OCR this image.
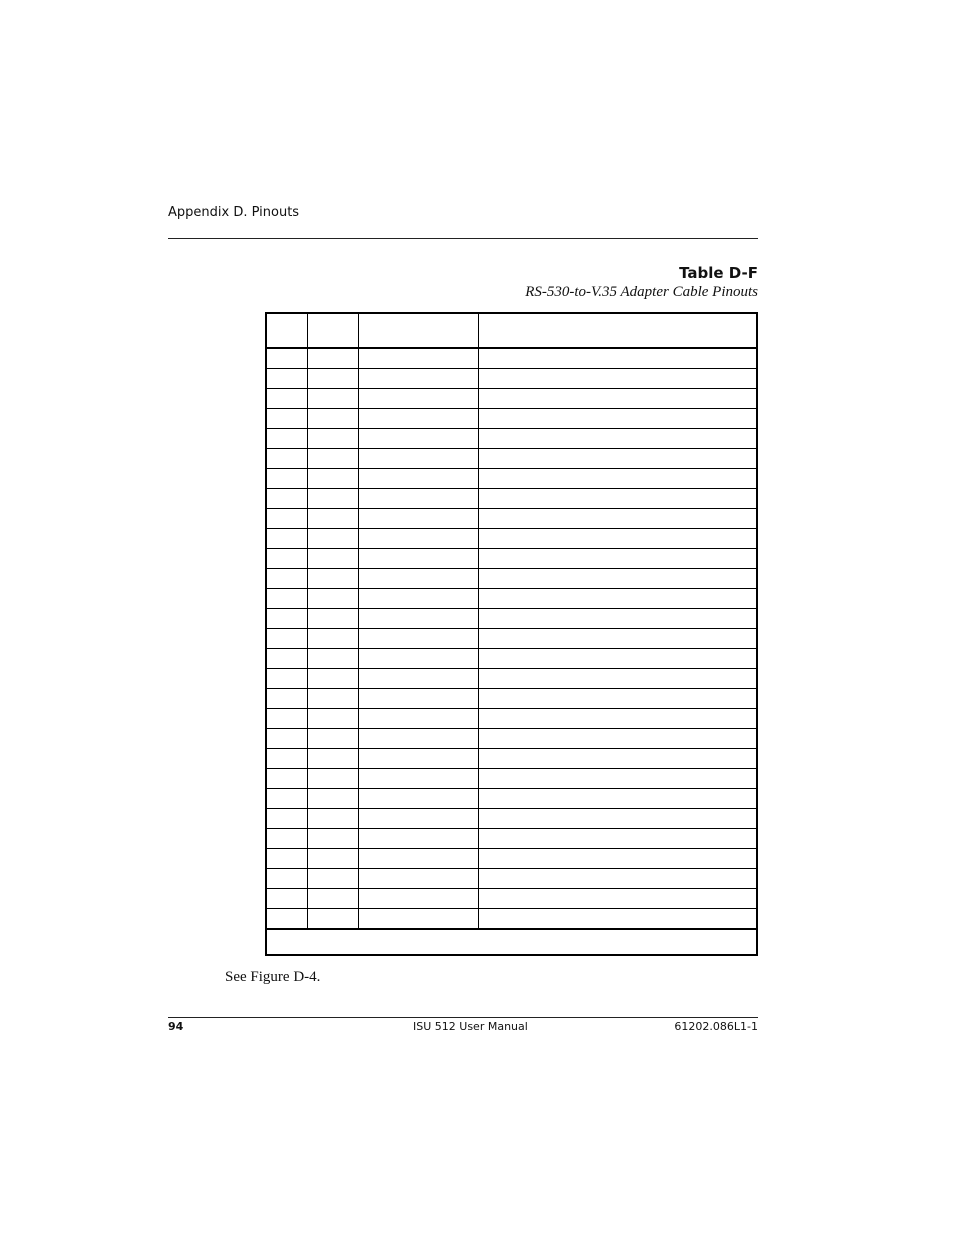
Appendix D. Pinouts
Table D-F
RS-530-to-V.35 Adapter Cable Pinouts

See Figure D-4.
94	ISU 512 User Manual	61202.086L1-1
